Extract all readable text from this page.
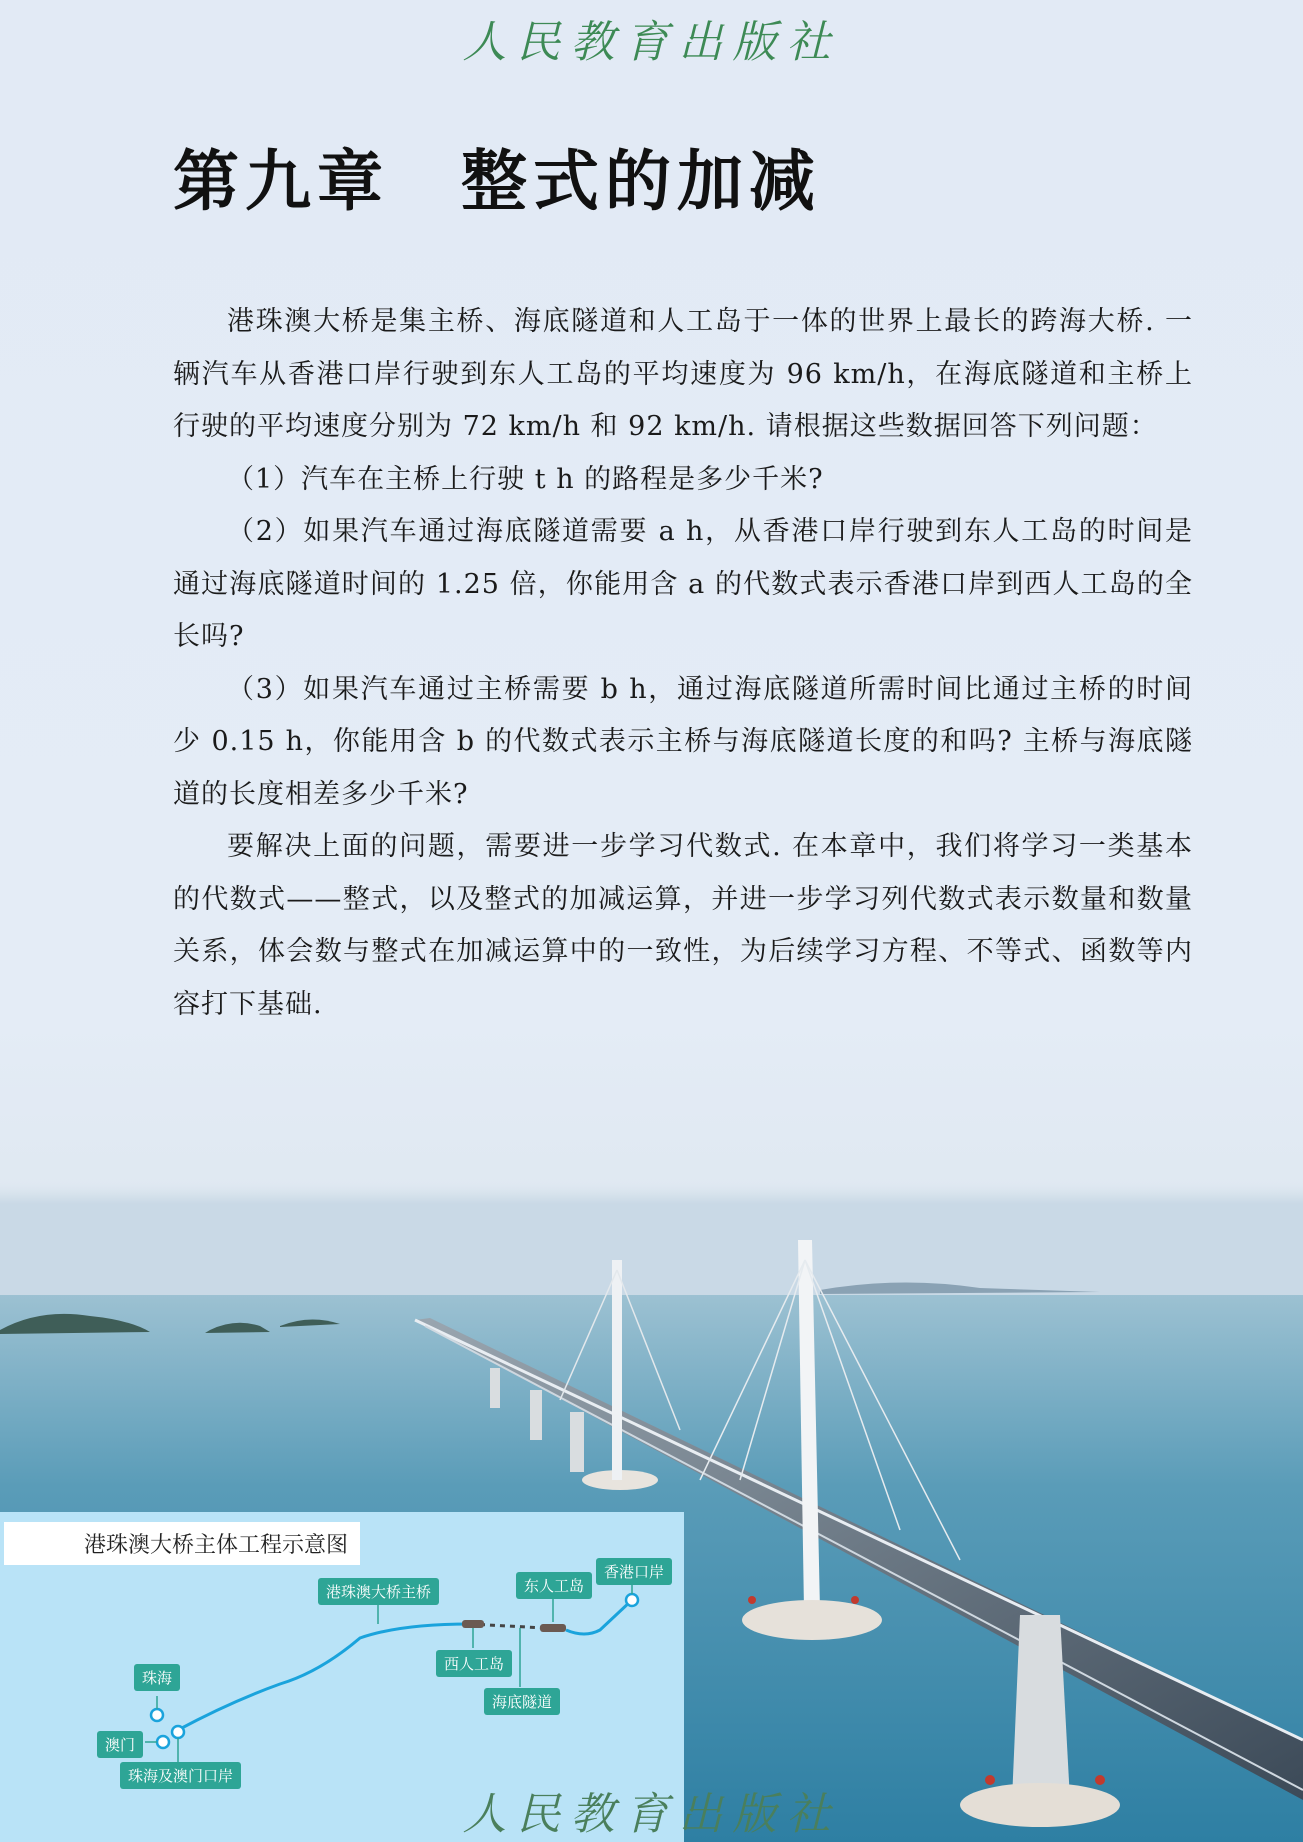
人民教育出版社
第九章　整式的加减

港珠澳大桥是集主桥、海底隧道和人工岛于一体的世界上最长的跨海大桥. 一辆汽车从香港口岸行驶到东人工岛的平均速度为 96 km/h，在海底隧道和主桥上行驶的平均速度分别为 72 km/h 和 92 km/h. 请根据这些数据回答下列问题：

（1）汽车在主桥上行驶 t h 的路程是多少千米?

（2）如果汽车通过海底隧道需要 a h，从香港口岸行驶到东人工岛的时间是通过海底隧道时间的 1.25 倍，你能用含 a 的代数式表示香港口岸到西人工岛的全长吗?

（3）如果汽车通过主桥需要 b h，通过海底隧道所需时间比通过主桥的时间少 0.15 h，你能用含 b 的代数式表示主桥与海底隧道长度的和吗? 主桥与海底隧道的长度相差多少千米?

要解决上面的问题，需要进一步学习代数式. 在本章中，我们将学习一类基本的代数式——整式，以及整式的加减运算，并进一步学习列代数式表示数量和数量关系，体会数与整式在加减运算中的一致性，为后续学习方程、不等式、函数等内容打下基础.

港珠澳大桥主体工程示意图
珠海
澳门
珠海及澳门口岸
港珠澳大桥主桥
西人工岛
海底隧道
东人工岛
香港口岸
人民教育出版社
